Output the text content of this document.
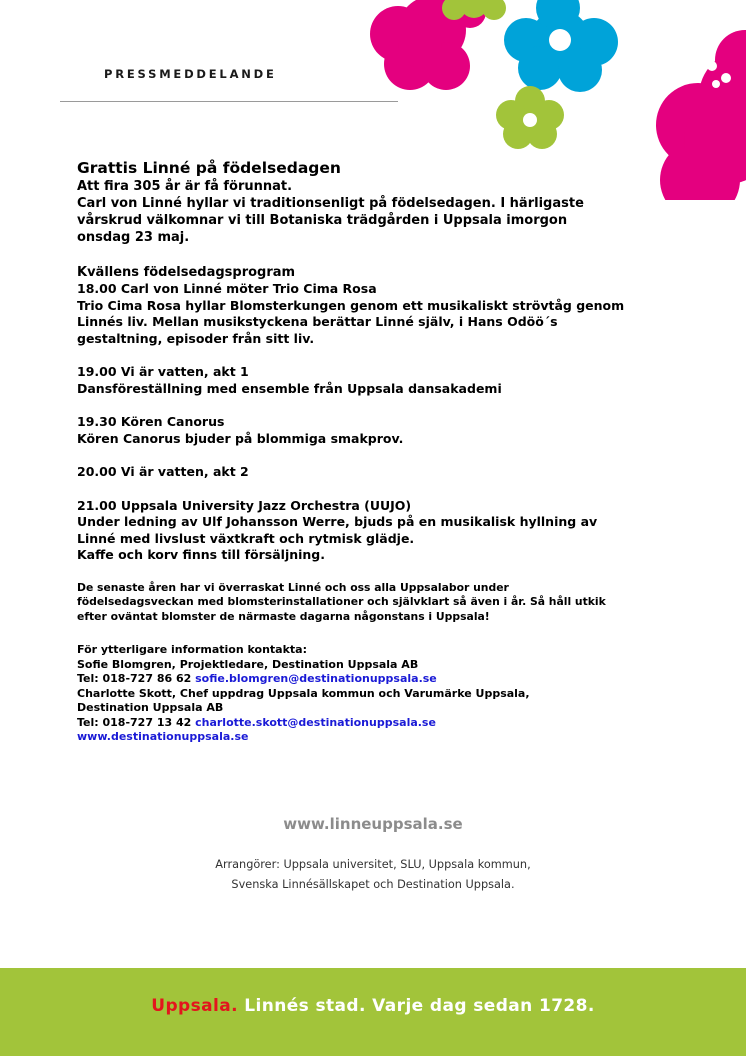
PRESSMEDDELANDE

Grattis Linné på födelsedagen

Att fira 305 år är få förunnat.

Carl von Linné hyllar vi traditionsenligt på födelsedagen. I härligaste

vårskrud välkomnar vi till Botaniska trädgården i Uppsala imorgon

onsdag 23 maj.

Kvällens födelsedagsprogram

18.00 Carl von Linné möter Trio Cima Rosa

Trio Cima Rosa hyllar Blomsterkungen genom ett musikaliskt strövtåg genom

Linnés liv. Mellan musikstyckena berättar Linné själv, i Hans Odöö´s

gestaltning, episoder från sitt liv.

19.00 Vi är vatten, akt 1

Dansföreställning med ensemble från Uppsala dansakademi

19.30 Kören Canorus

Kören Canorus bjuder på blommiga smakprov.

20.00 Vi är vatten, akt 2

21.00 Uppsala University Jazz Orchestra (UUJO)

Under ledning av Ulf Johansson Werre, bjuds på en musikalisk hyllning av

Linné med livslust växtkraft och rytmisk glädje.

Kaffe och korv finns till försäljning.

De senaste åren har vi överraskat Linné och oss alla Uppsalabor under
födelsedagsveckan med blomsterinstallationer och självklart så även i år. Så håll utkik
efter oväntat blomster de närmaste dagarna någonstans i Uppsala!

För ytterligare information kontakta:

Sofie Blomgren, Projektledare, Destination Uppsala AB

Tel: 018-727 86 62 sofie.blomgren@destinationuppsala.se

Charlotte Skott, Chef uppdrag Uppsala kommun och Varumärke Uppsala,

Destination Uppsala AB

Tel: 018-727 13 42 charlotte.skott@destinationuppsala.se

www.destinationuppsala.se

www.linneuppsala.se
Arrangörer: Uppsala universitet, SLU, Uppsala kommun,
Svenska Linnésällskapet och Destination Uppsala.
Uppsala. Linnés stad. Varje dag sedan 1728.
